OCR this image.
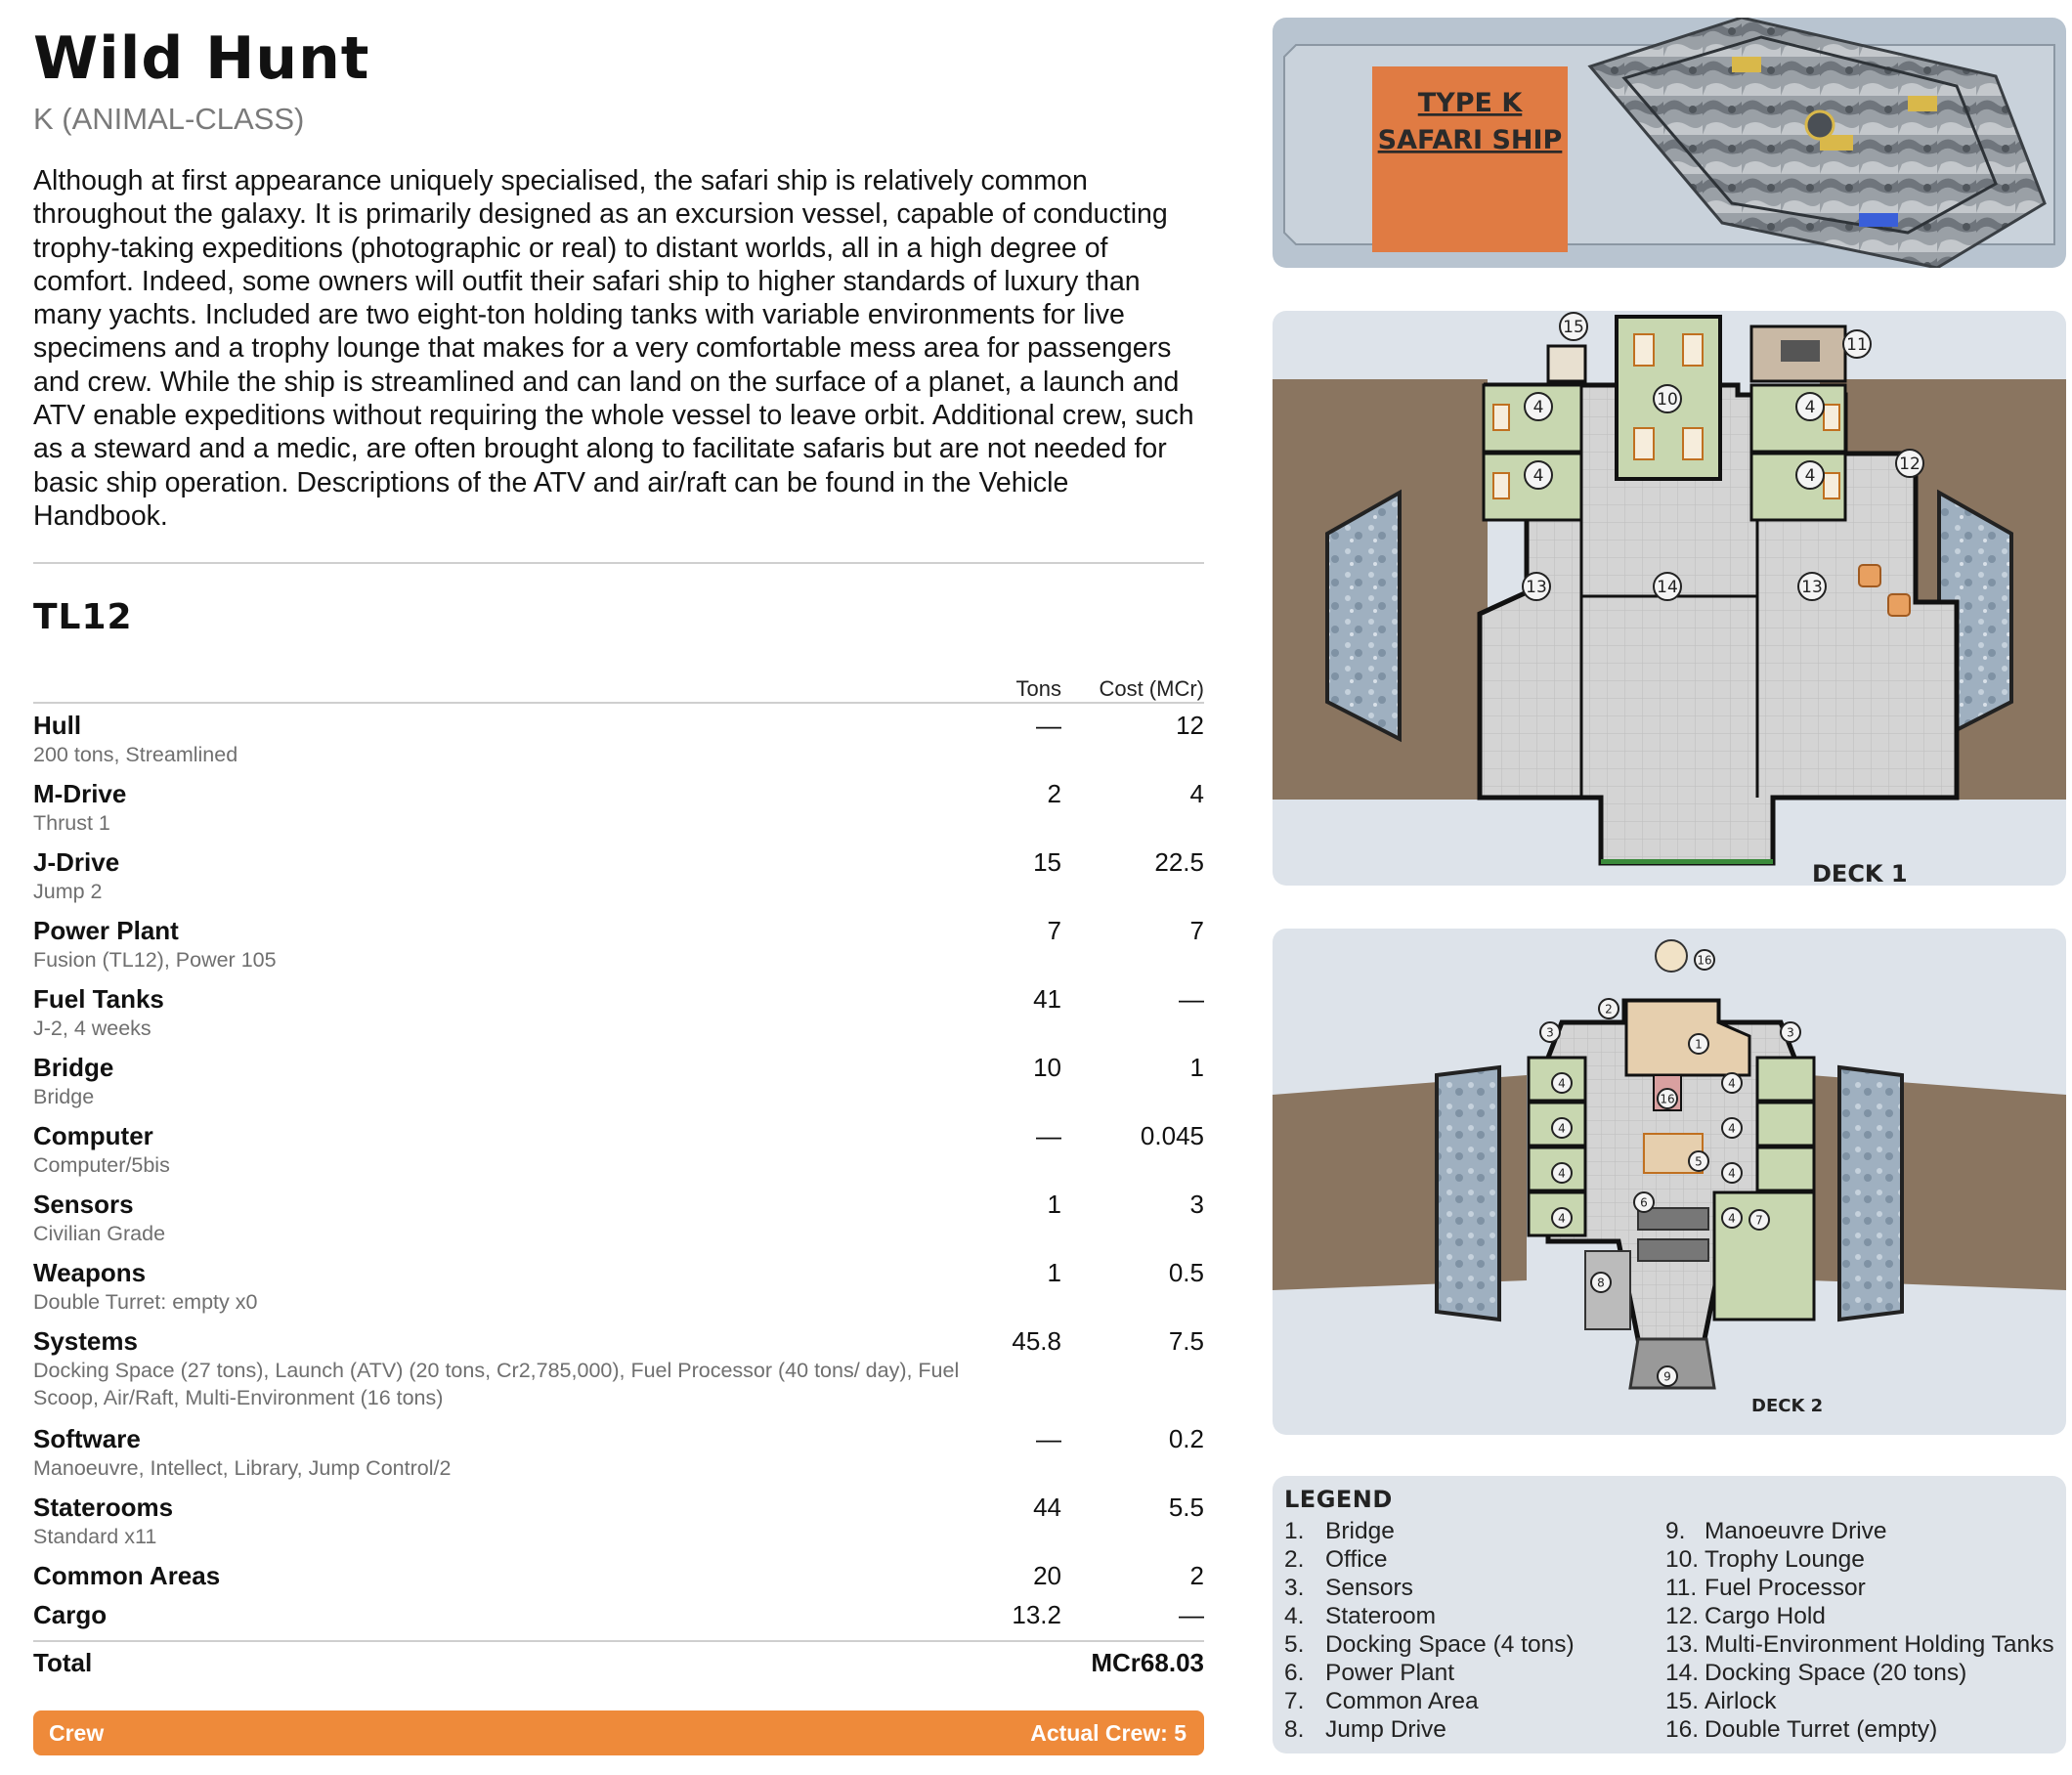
Wild Hunt
K (ANIMAL-CLASS)
Although at first appearance uniquely specialised, the safari ship is relatively common throughout the galaxy. It is primarily designed as an excursion vessel, capable of conducting trophy-taking expeditions (photographic or real) to distant worlds, all in a high degree of comfort. Indeed, some owners will outfit their safari ship to higher standards of luxury than many yachts. Included are two eight-ton holding tanks with variable environments for live specimens and a trophy lounge that makes for a very comfortable mess area for passengers and crew. While the ship is streamlined and can land on the surface of a planet, a launch and ATV enable expeditions without requiring the whole vessel to leave orbit. Additional crew, such as a steward and a medic, are often brought along to facilitate safaris but are not needed for basic ship operation. Descriptions of the ATV and air/raft can be found in the Vehicle Handbook.
TL12
Tons Cost (MCr)
Hull
200 tons, Streamlined
—	12
M-Drive
Thrust 1
2	4
J-Drive
Jump 2
15	22.5
Power Plant
Fusion (TL12), Power 105
7	7
Fuel Tanks
J-2, 4 weeks
41	—
Bridge
Bridge
10	1
Computer
Computer/5bis
—	0.045
Sensors
Civilian Grade
1	3
Weapons
Double Turret: empty x0
1	0.5
Systems
Docking Space (27 tons), Launch (ATV) (20 tons, Cr2,785,000), Fuel Processor (40 tons/ day), Fuel Scoop, Air/Raft, Multi-Environment (16 tons)
45.8	7.5
Software
Manoeuvre, Intellect, Library, Jump Control/2
—	0.2
Staterooms
Standard x11
44	5.5
Common Areas	20	2
Cargo	13.2	—
Total	MCr68.03
Crew	Actual Crew: 5
TYPE K
SAFARI SHIP
15
11
10
4	4
4	4
12
13	14	13
DECK 1
16
2
3	3
1
16
4	4
4	4
4	4
4	4
5
6
7
8
9
DECK 2
LEGEND
1. Bridge
2. Office
3. Sensors
4. Stateroom
5. Docking Space (4 tons)
6. Power Plant
7. Common Area
8. Jump Drive
9. Manoeuvre Drive
10. Trophy Lounge
11. Fuel Processor
12. Cargo Hold
13. Multi-Environment Holding Tanks
14. Docking Space (20 tons)
15. Airlock
16. Double Turret (empty)
